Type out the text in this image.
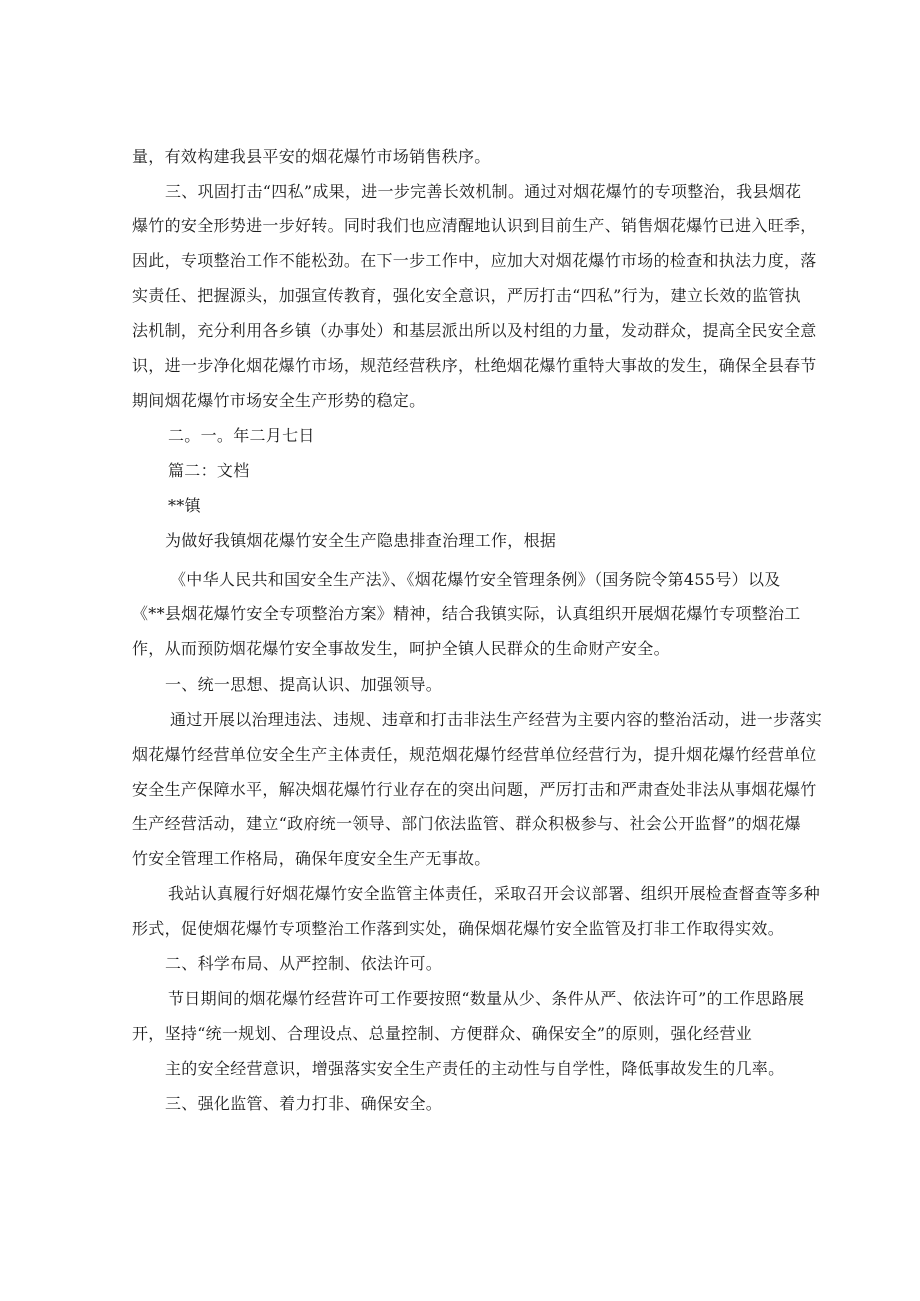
量，有效构建我县平安的烟花爆竹市场销售秩序。

三、巩固打击“四私”成果，进一步完善长效机制。通过对烟花爆竹的专项整治，我县烟花

爆竹的安全形势进一步好转。同时我们也应清醒地认识到目前生产、销售烟花爆竹已进入旺季，

因此，专项整治工作不能松劲。在下一步工作中，应加大对烟花爆竹市场的检查和执法力度，落

实责任、把握源头，加强宣传教育，强化安全意识，严厉打击“四私”行为，建立长效的监管执

法机制，充分利用各乡镇（办事处）和基层派出所以及村组的力量，发动群众，提高全民安全意

识，进一步净化烟花爆竹市场，规范经营秩序，杜绝烟花爆竹重特大事故的发生，确保全县春节

期间烟花爆竹市场安全生产形势的稳定。

二。一。年二月七日

篇二：文档

**镇

为做好我镇烟花爆竹安全生产隐患排查治理工作，根据

《中华人民共和国安全生产法》、《烟花爆竹安全管理条例》（国务院令第455号）以及

《**县烟花爆竹安全专项整治方案》精神，结合我镇实际，认真组织开展烟花爆竹专项整治工

作，从而预防烟花爆竹安全事故发生，呵护全镇人民群众的生命财产安全。

一、统一思想、提高认识、加强领导。

通过开展以治理违法、违规、违章和打击非法生产经营为主要内容的整治活动，进一步落实

烟花爆竹经营单位安全生产主体责任，规范烟花爆竹经营单位经营行为，提升烟花爆竹经营单位

安全生产保障水平，解决烟花爆竹行业存在的突出问题，严厉打击和严肃查处非法从事烟花爆竹

生产经营活动，建立“政府统一领导、部门依法监管、群众积极参与、社会公开监督”的烟花爆

竹安全管理工作格局，确保年度安全生产无事故。

我站认真履行好烟花爆竹安全监管主体责任，采取召开会议部署、组织开展检查督查等多种

形式，促使烟花爆竹专项整治工作落到实处，确保烟花爆竹安全监管及打非工作取得实效。

二、科学布局、从严控制、依法许可。

节日期间的烟花爆竹经营许可工作要按照“数量从少、条件从严、依法许可”的工作思路展

开，坚持“统一规划、合理设点、总量控制、方便群众、确保安全”的原则，强化经营业

主的安全经营意识，增强落实安全生产责任的主动性与自学性，降低事故发生的几率。

三、强化监管、着力打非、确保安全。
